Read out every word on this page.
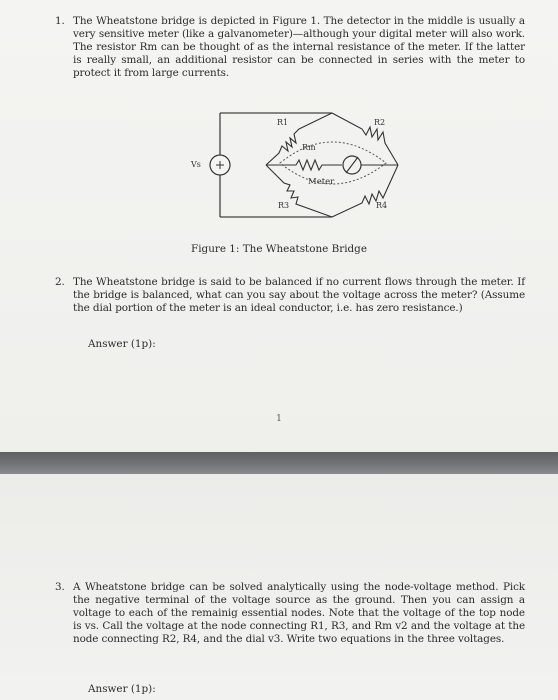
1. The Wheatstone bridge is depicted in Figure 1. The detector in the middle is usually a very sensitive meter (like a galvanometer)—although your digital meter will also work. The resistor Rm can be thought of as the internal resistance of the meter. If the latter is really small, an additional resistor can be connected in series with the meter to protect it from large currents.
R1	R2
Rm
Vs
Meter
R3	R4
Figure 1: The Wheatstone Bridge
2. The Wheatstone bridge is said to be balanced if no current flows through the meter. If the bridge is balanced, what can you say about the voltage across the meter? (Assume the dial portion of the meter is an ideal conductor, i.e. has zero resistance.)
Answer (1p):
1
3. A Wheatstone bridge can be solved analytically using the node-voltage method. Pick the negative terminal of the voltage source as the ground. Then you can assign a voltage to each of the remainig essential nodes. Note that the voltage of the top node is vs. Call the voltage at the node connecting R1, R3, and Rm v2 and the voltage at the node connecting R2, R4, and the dial v3. Write two equations in the three voltages.
Answer (1p):
